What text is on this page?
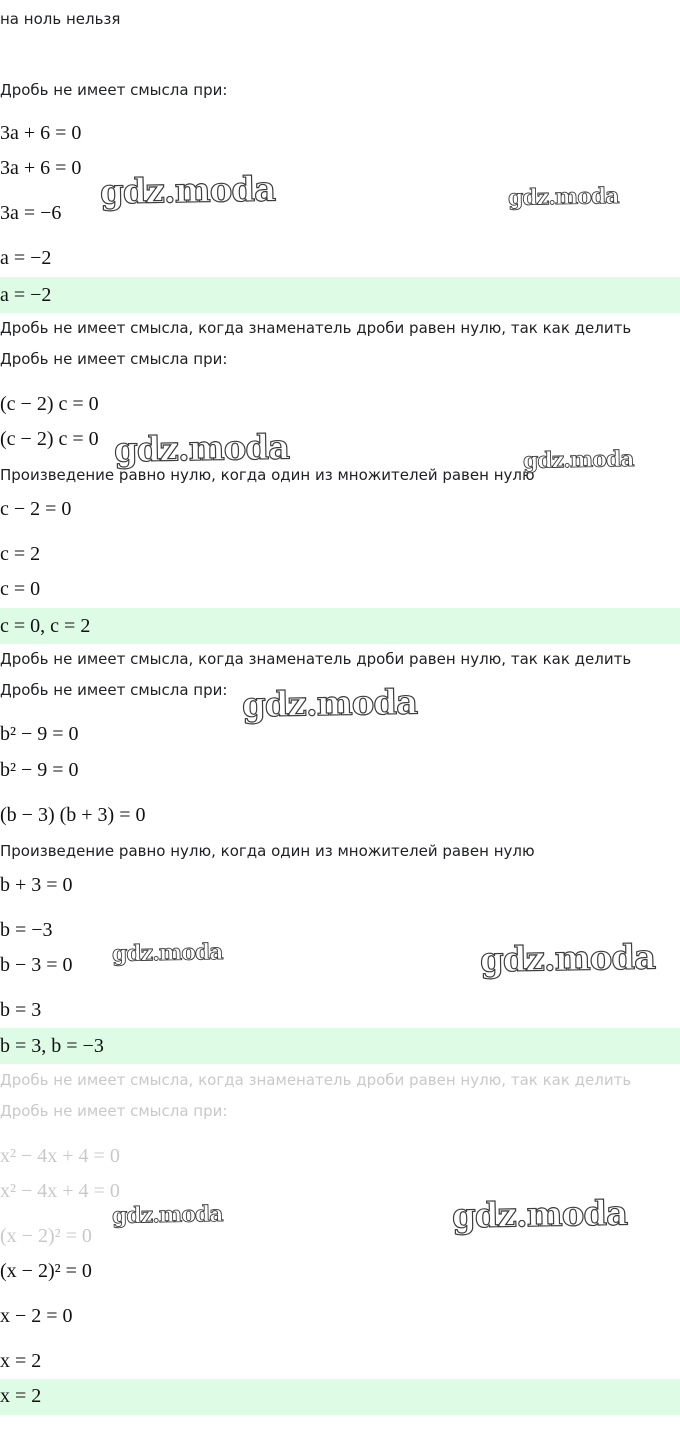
на ноль нельзя
Дробь не имеет смысла при:
3a + 6 = 0
3a + 6 = 0
3a = −6
a = −2
a = −2
Дробь не имеет смысла, когда знаменатель дроби равен нулю, так как делить
Дробь не имеет смысла при:
(c − 2) c = 0
(c − 2) c = 0
Произведение равно нулю, когда один из множителей равен нулю
c − 2 = 0
c = 2
c = 0
c = 0, c = 2
Дробь не имеет смысла, когда знаменатель дроби равен нулю, так как делить
Дробь не имеет смысла при:
b² − 9 = 0
b² − 9 = 0
(b − 3) (b + 3) = 0
Произведение равно нулю, когда один из множителей равен нулю
b + 3 = 0
b = −3
b − 3 = 0
b = 3
b = 3, b = −3
Дробь не имеет смысла, когда знаменатель дроби равен нулю, так как делить
Дробь не имеет смысла при:
x² − 4x + 4 = 0
x² − 4x + 4 = 0
(x − 2)² = 0
(x − 2)² = 0
x − 2 = 0
x = 2
x = 2
gdz.moda	gdz.moda
gdz.moda	gdz.moda
gdz.moda
gdz.moda	gdz.moda
gdz.moda	gdz.moda
